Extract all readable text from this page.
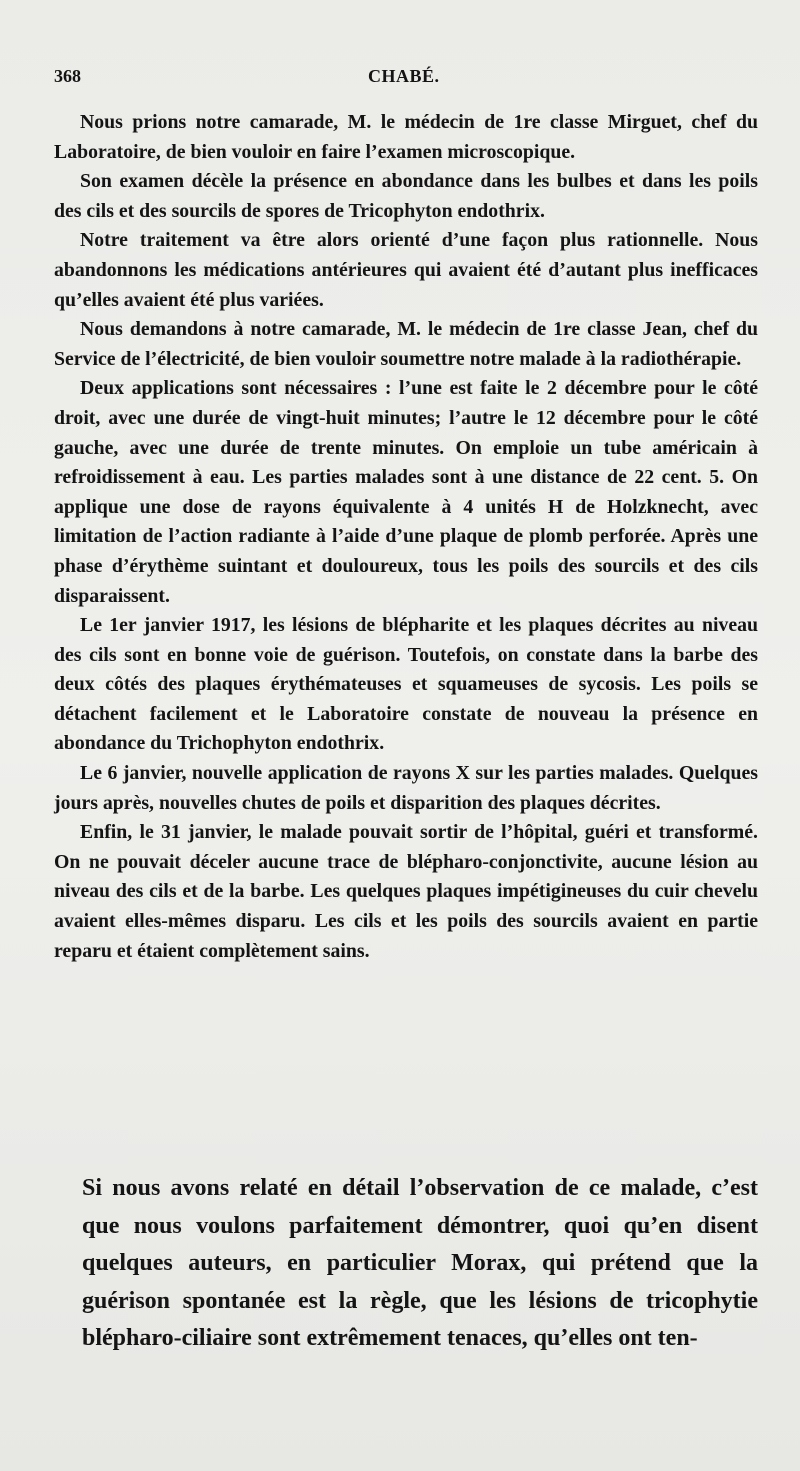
368	CHABÉ.

Nous prions notre camarade, M. le médecin de 1re classe Mirguet, chef du Laboratoire, de bien vouloir en faire l’examen microscopique.

Son examen décèle la présence en abondance dans les bulbes et dans les poils des cils et des sourcils de spores de Tricophyton endothrix.

Notre traitement va être alors orienté d’une façon plus rationnelle. Nous abandonnons les médications antérieures qui avaient été d’autant plus inefficaces qu’elles avaient été plus variées.

Nous demandons à notre camarade, M. le médecin de 1re classe Jean, chef du Service de l’électricité, de bien vouloir soumettre notre malade à la radiothérapie.

Deux applications sont nécessaires : l’une est faite le 2 décembre pour le côté droit, avec une durée de vingt-huit minutes; l’autre le 12 décembre pour le côté gauche, avec une durée de trente minutes. On emploie un tube américain à refroidissement à eau. Les parties malades sont à une distance de 22 cent. 5. On applique une dose de rayons équivalente à 4 unités H de Holzknecht, avec limitation de l’action radiante à l’aide d’une plaque de plomb perforée. Après une phase d’érythème suintant et douloureux, tous les poils des sourcils et des cils disparaissent.

Le 1er janvier 1917, les lésions de blépharite et les plaques décrites au niveau des cils sont en bonne voie de guérison. Toutefois, on constate dans la barbe des deux côtés des plaques érythémateuses et squameuses de sycosis. Les poils se détachent facilement et le Laboratoire constate de nouveau la présence en abondance du Trichophyton endothrix.

Le 6 janvier, nouvelle application de rayons X sur les parties malades. Quelques jours après, nouvelles chutes de poils et disparition des plaques décrites.

Enfin, le 31 janvier, le malade pouvait sortir de l’hôpital, guéri et transformé. On ne pouvait déceler aucune trace de blépharo-conjonctivite, aucune lésion au niveau des cils et de la barbe. Les quelques plaques impétigineuses du cuir chevelu avaient elles-mêmes disparu. Les cils et les poils des sourcils avaient en partie reparu et étaient complètement sains.

Si nous avons relaté en détail l’observation de ce malade, c’est que nous voulons parfaitement démontrer, quoi qu’en disent quelques auteurs, en particulier Morax, qui prétend que la guérison spontanée est la règle, que les lésions de tricophytie blépharo-ciliaire sont extrêmement tenaces, qu’elles ont ten-
